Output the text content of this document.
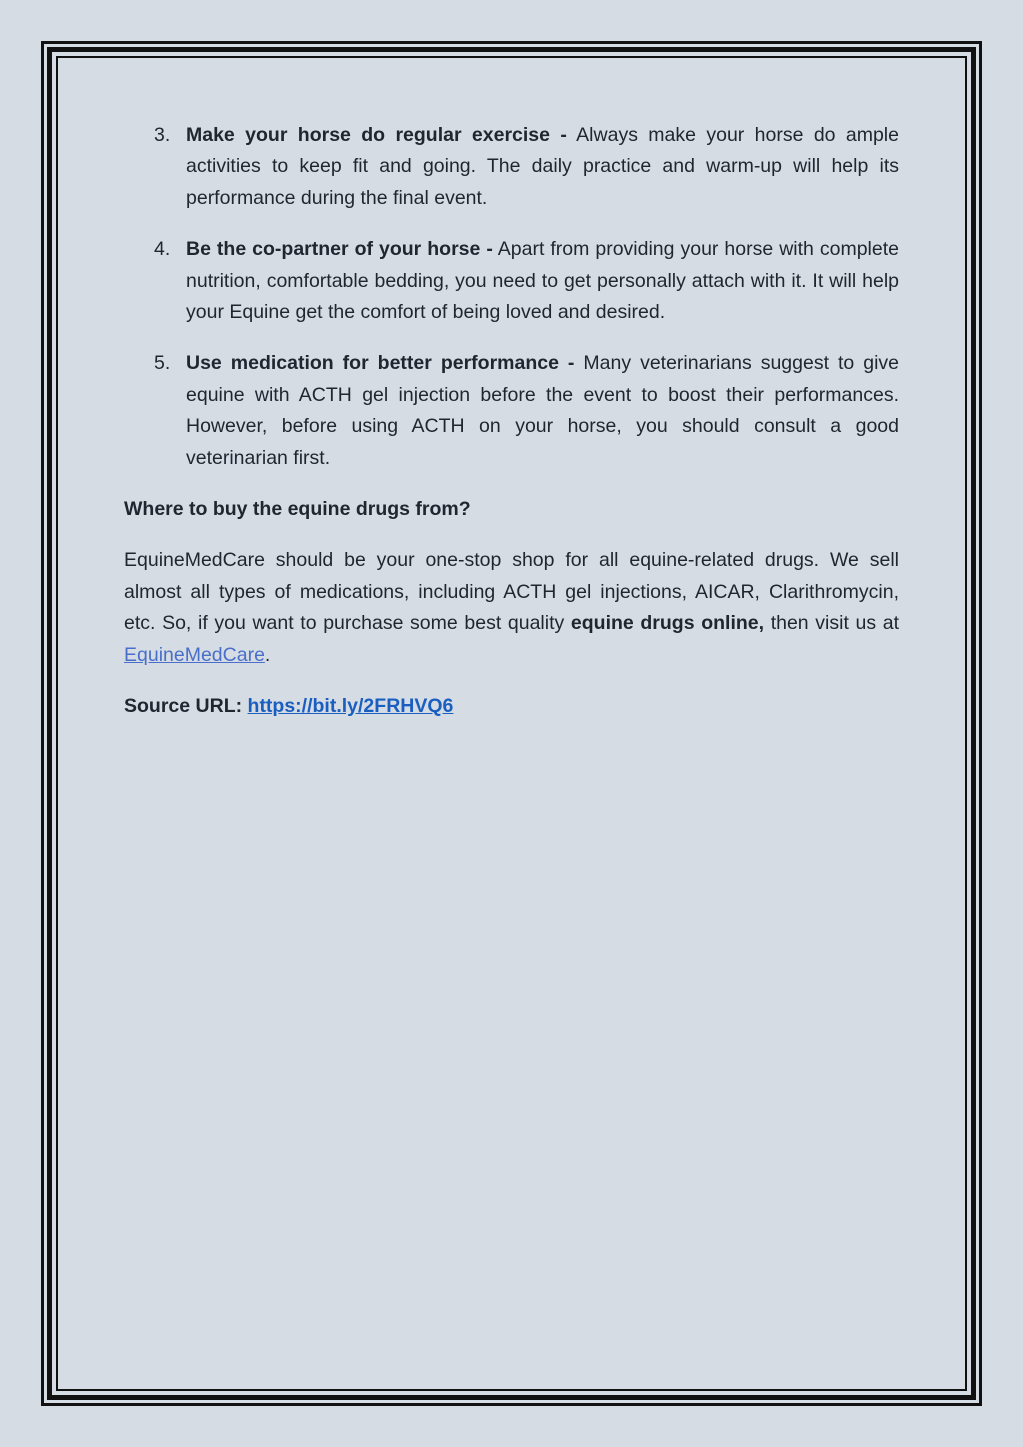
3. Make your horse do regular exercise - Always make your horse do ample activities to keep fit and going. The daily practice and warm-up will help its performance during the final event.
4. Be the co-partner of your horse - Apart from providing your horse with complete nutrition, comfortable bedding, you need to get personally attach with it. It will help your Equine get the comfort of being loved and desired.
5. Use medication for better performance - Many veterinarians suggest to give equine with ACTH gel injection before the event to boost their performances. However, before using ACTH on your horse, you should consult a good veterinarian first.

Where to buy the equine drugs from?

EquineMedCare should be your one-stop shop for all equine-related drugs. We sell almost all types of medications, including ACTH gel injections, AICAR, Clarithromycin, etc. So, if you want to purchase some best quality equine drugs online, then visit us at EquineMedCare.

Source URL: https://bit.ly/2FRHVQ6
